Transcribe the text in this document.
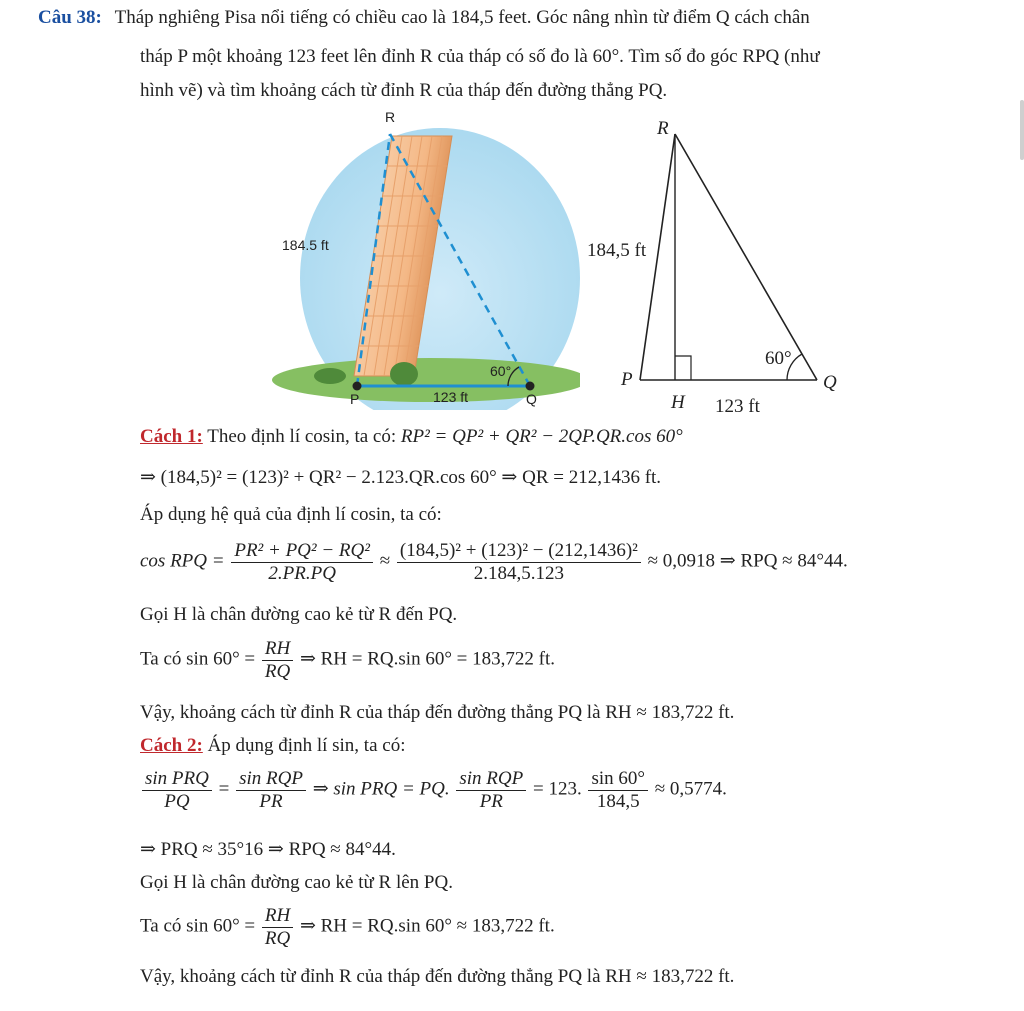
Câu 38: Tháp nghiêng Pisa nổi tiếng có chiều cao là 184,5 feet. Góc nâng nhìn từ điểm Q cách chân
tháp P một khoảng 123 feet lên đỉnh R của tháp có số đo là 60°. Tìm số đo góc RPQ (như
hình vẽ) và tìm khoảng cách từ đỉnh R của tháp đến đường thẳng PQ.
R
P	Q
184.5 ft
123 ft
60°
R
P	Q
H
184,5 ft
123 ft
60°
Cách 1: Theo định lí cosin, ta có: RP² = QP² + QR² − 2QP.QR.cos 60°
⇒ (184,5)² = (123)² + QR² − 2.123.QR.cos 60° ⇒ QR = 212,1436 ft.
Áp dụng hệ quả của định lí cosin, ta có:
cos RPQ = $\frac{\text{PR² + PQ² − RQ²}}{2.PR.PQ} \approx \frac{\text{(184,5)² + (123)² − (212,1436)²}}{2.184,5.123} \approx 0,0918$ ⇒ RPQ ≈ 84°44.
Gọi H là chân đường cao kẻ từ R đến PQ.
Ta có $\sin 60^\circ = \frac{RH}{RQ}$ ⇒ RH = RQ.sin 60° = 183,722 ft.
Vậy, khoảng cách từ đỉnh R của tháp đến đường thẳng PQ là RH ≈ 183,722 ft.
Cách 2: Áp dụng định lí sin, ta có:
$\frac{\text{sin PRQ}}{PQ} = \frac{\text{sin RQP}}{PR}$ ⇒ sin PRQ = PQ. $\frac{\text{sin RQP}}{PR} = 123$. $\frac{\sin 60^\circ}{184,5} \approx 0,5774$.
⇒ PRQ ≈ 35°16 ⇒ RPQ ≈ 84°44.
Gọi H là chân đường cao kẻ từ R lên PQ.
Ta có $\sin 60^\circ = \frac{RH}{RQ}$ ⇒ RH = RQ.sin 60° ≈ 183,722 ft.
Vậy, khoảng cách từ đỉnh R của tháp đến đường thẳng PQ là RH ≈ 183,722 ft.
